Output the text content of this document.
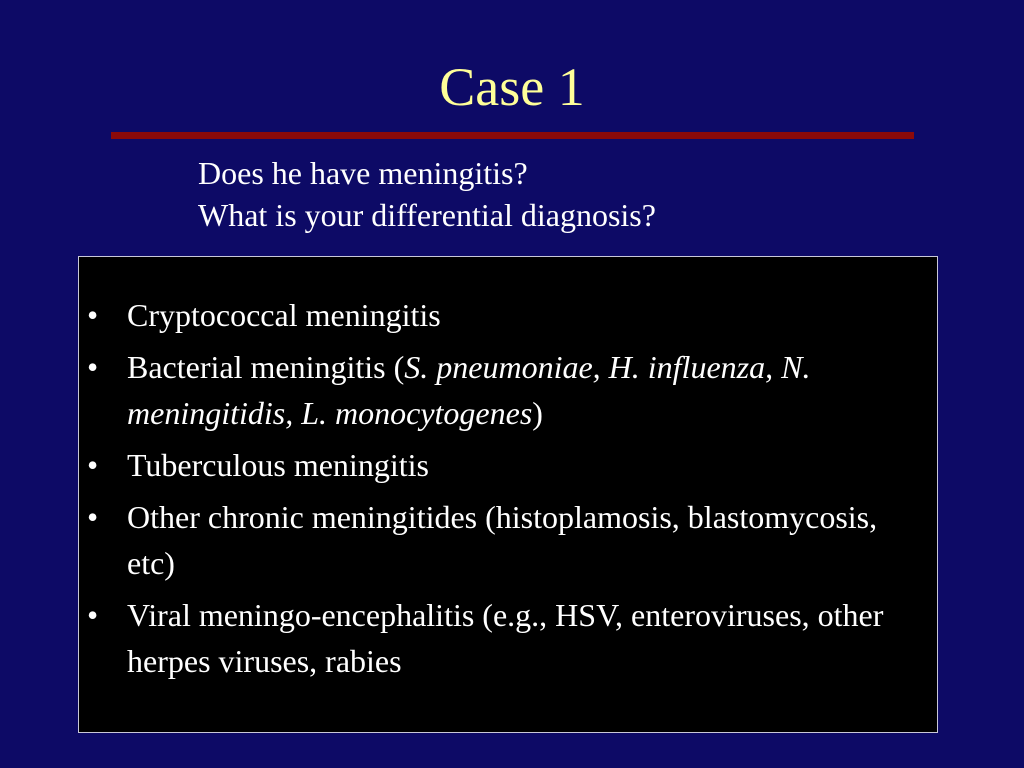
Case 1
Does he have meningitis?
What is your differential diagnosis?
• Cryptococcal meningitis
• Bacterial meningitis (S. pneumoniae, H. influenza, N. meningitidis, L. monocytogenes)
• Tuberculous meningitis
• Other chronic meningitides (histoplamosis, blastomycosis, etc)
• Viral meningo-encephalitis (e.g., HSV, enteroviruses, other herpes viruses, rabies
